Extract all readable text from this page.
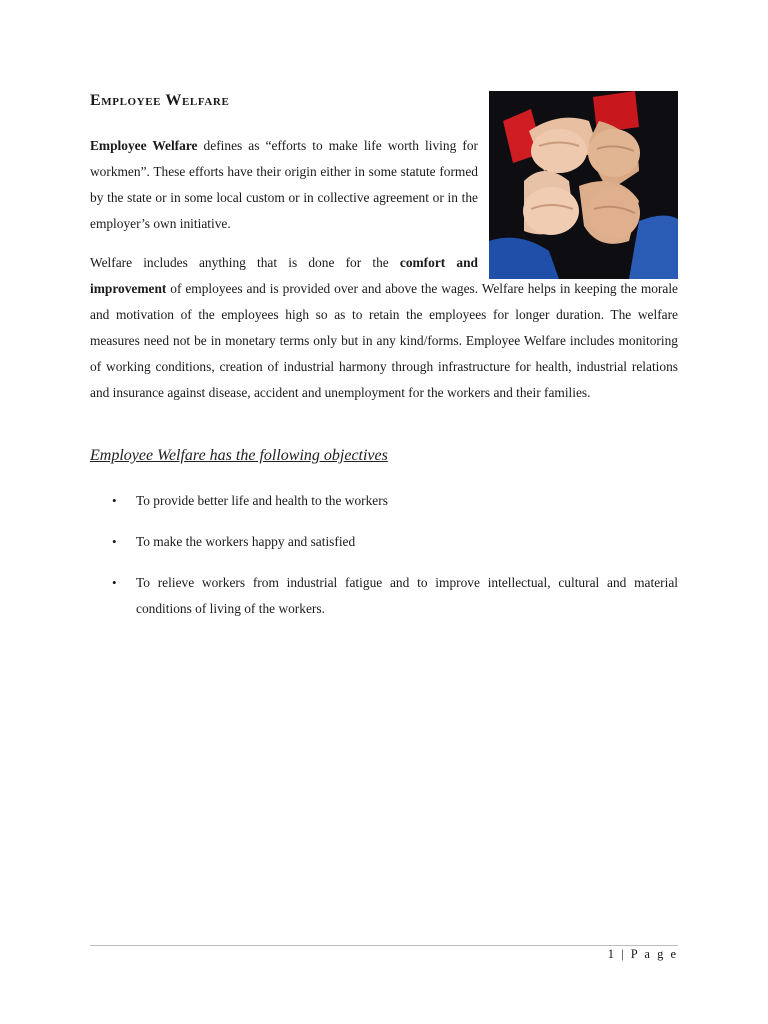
Employee Welfare

Employee Welfare defines as “efforts to make life worth living for workmen”. These efforts have their origin either in some statute formed by the state or in some local custom or in collective agreement or in the employer’s own initiative.

Welfare includes anything that is done for the comfort and

improvement of employees and is provided over and above the wages. Welfare helps in keeping the morale and motivation of the employees high so as to retain the employees for longer duration. The welfare measures need not be in monetary terms only but in any kind/forms. Employee Welfare includes monitoring of working conditions, creation of industrial harmony through infrastructure for health, industrial relations and insurance against disease, accident and unemployment for the workers and their families.

Employee Welfare has the following objectives
• To provide better life and health to the workers
• To make the workers happy and satisfied
• To relieve workers from industrial fatigue and to improve intellectual, cultural and material conditions of living of the workers.
1 | P a g e
